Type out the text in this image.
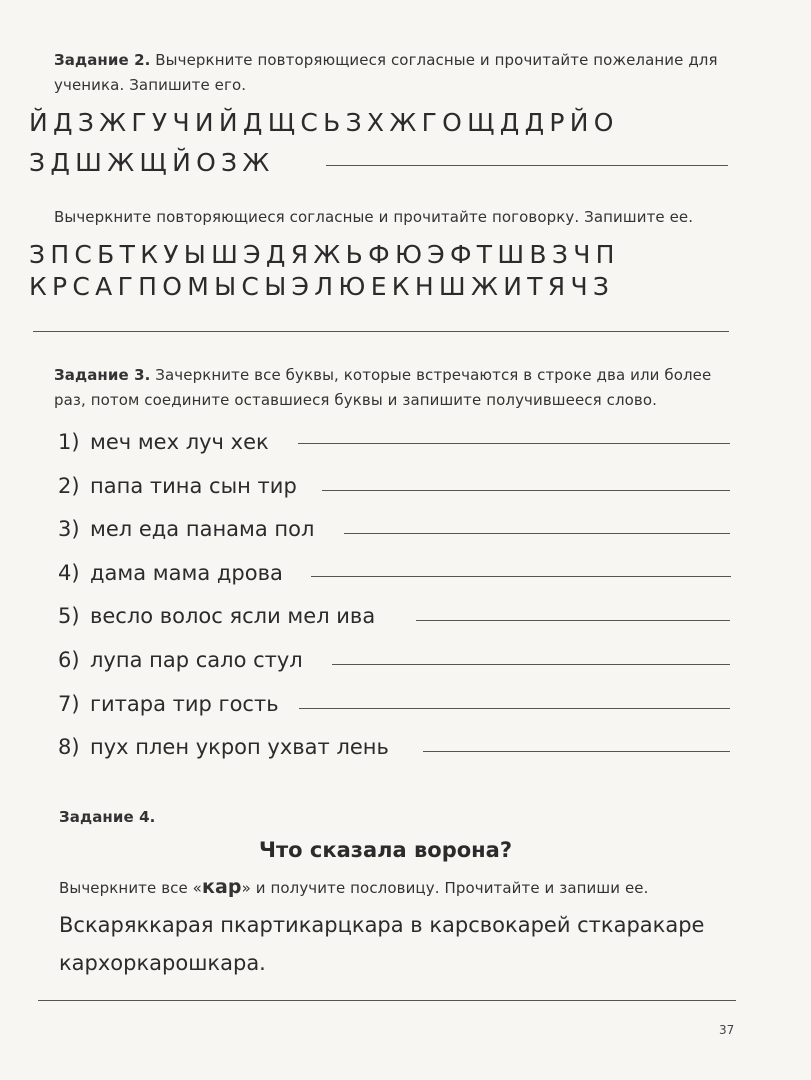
Задание 2. Вычеркните повторяющиеся согласные и прочитайте пожелание для
ученика. Запишите его.
ЙДЗЖГУЧИЙДЩСЬЗХЖГОЩДДРЙО
ЗДШЖЩЙОЗЖ
Вычеркните повторяющиеся согласные и прочитайте поговорку. Запишите ее.
ЗПСБТКУЫШЭДЯЖЬФЮЭФТШВЗЧП
КРСАГПОМЫСЫЭЛЮЕКНШЖИТЯЧЗ
Задание 3. Зачеркните все буквы, которые встречаются в строке два или более
раз, потом соедините оставшиеся буквы и запишите получившееся слово.
1) меч мех луч хек
2) папа тина сын тир
3) мел еда панама пол
4) дама мама дрова
5) весло волос ясли мел ива
6) лупа пар сало стул
7) гитара тир гость
8) пух плен укроп ухват лень
Задание 4.
Что сказала ворона?
Вычеркните все «кар» и получите пословицу. Прочитайте и запиши ее.
Вскаряккарая пкартикарцкара в карсвокарей сткаракаре
кархоркарошкара.
37
